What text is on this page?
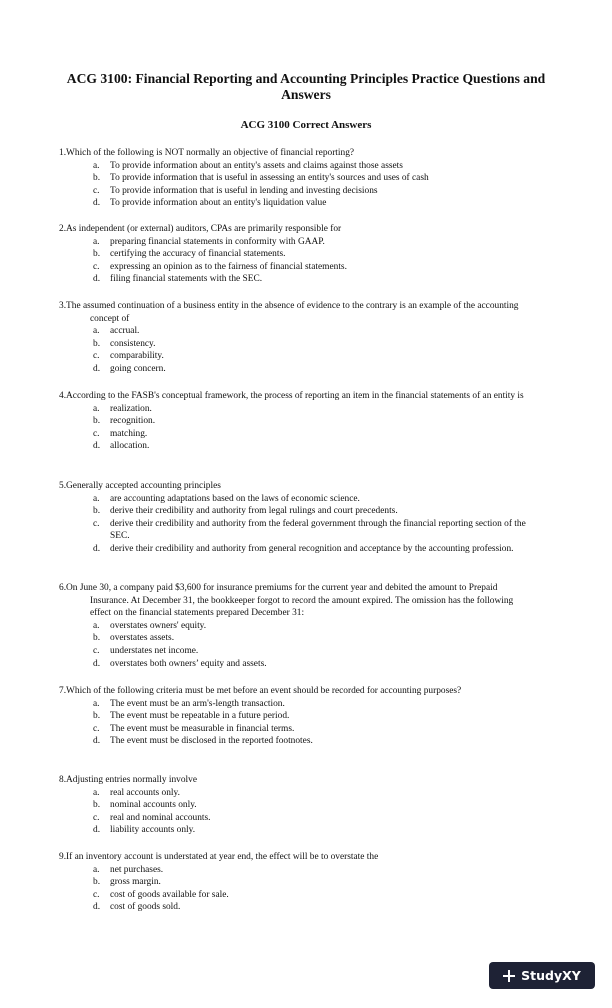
ACG 3100: Financial Reporting and Accounting Principles Practice Questions and Answers
ACG 3100 Correct Answers
1.Which of the following is NOT normally an objective of financial reporting?
a.	To provide information about an entity's assets and claims against those assets
b.	To provide information that is useful in assessing an entity's sources and uses of cash
c.	To provide information that is useful in lending and investing decisions
d.	To provide information about an entity's liquidation value
2.As independent (or external) auditors, CPAs are primarily responsible for
a.	preparing financial statements in conformity with GAAP.
b.	certifying the accuracy of financial statements.
c.	expressing an opinion as to the fairness of financial statements.
d.	filing financial statements with the SEC.
3.The assumed continuation of a business entity in the absence of evidence to the contrary is an example of the accounting concept of
a.	accrual.
b.	consistency.
c.	comparability.
d.	going concern.
4.According to the FASB's conceptual framework, the process of reporting an item in the financial statements of an entity is
a.	realization.
b.	recognition.
c.	matching.
d.	allocation.
5.Generally accepted accounting principles
a.	are accounting adaptations based on the laws of economic science.
b.	derive their credibility and authority from legal rulings and court precedents.
c.	derive their credibility and authority from the federal government through the financial reporting section of the SEC.
d.	derive their credibility and authority from general recognition and acceptance by the accounting profession.
6.On June 30, a company paid $3,600 for insurance premiums for the current year and debited the amount to Prepaid Insurance. At December 31, the bookkeeper forgot to record the amount expired. The omission has the following effect on the financial statements prepared December 31:
a.	overstates owners' equity.
b.	overstates assets.
c.	understates net income.
d.	overstates both owners’ equity and assets.
7.Which of the following criteria must be met before an event should be recorded for accounting purposes?
a.	The event must be an arm's-length transaction.
b.	The event must be repeatable in a future period.
c.	The event must be measurable in financial terms.
d.	The event must be disclosed in the reported footnotes.
8.Adjusting entries normally involve
a.	real accounts only.
b.	nominal accounts only.
c.	real and nominal accounts.
d.	liability accounts only.
9.If an inventory account is understated at year end, the effect will be to overstate the
a.	net purchases.
b.	gross margin.
c.	cost of goods available for sale.
d.	cost of goods sold.
StudyXY
